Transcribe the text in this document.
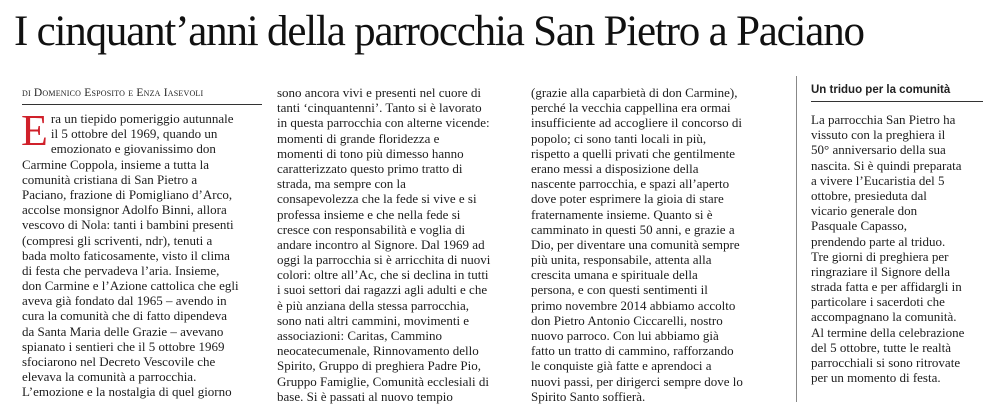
I cinquant’anni della parrocchia San Pietro a Paciano
di Domenico Esposito e Enza Iasevoli
E ra un tiepido pomeriggio autunnale
il 5 ottobre del 1969, quando un
emozionato e giovanissimo don
Carmine Coppola, insieme a tutta la
comunità cristiana di San Pietro a
Paciano, frazione di Pomigliano d’Arco,
accolse monsignor Adolfo Binni, allora
vescovo di Nola: tanti i bambini presenti
(compresi gli scriventi, ndr), tenuti a
bada molto faticosamente, visto il clima
di festa che pervadeva l’aria. Insieme,
don Carmine e l’Azione cattolica che egli
aveva già fondato dal 1965 – avendo in
cura la comunità che di fatto dipendeva
da Santa Maria delle Grazie – avevano
spianato i sentieri che il 5 ottobre 1969
sfociarono nel Decreto Vescovile che
elevava la comunità a parrocchia.
L’emozione e la nostalgia di quel giorno
sono ancora vivi e presenti nel cuore di
tanti ‘cinquantenni’. Tanto si è lavorato
in questa parrocchia con alterne vicende:
momenti di grande floridezza e
momenti di tono più dimesso hanno
caratterizzato questo primo tratto di
strada, ma sempre con la
consapevolezza che la fede si vive e si
professa insieme e che nella fede si
cresce con responsabilità e voglia di
andare incontro al Signore. Dal 1969 ad
oggi la parrocchia si è arricchita di nuovi
colori: oltre all’Ac, che si declina in tutti
i suoi settori dai ragazzi agli adulti e che
è più anziana della stessa parrocchia,
sono nati altri cammini, movimenti e
associazioni: Caritas, Cammino
neocatecumenale, Rinnovamento dello
Spirito, Gruppo di preghiera Padre Pio,
Gruppo Famiglie, Comunità ecclesiali di
base. Si è passati al nuovo tempio
(grazie alla caparbietà di don Carmine),
perché la vecchia cappellina era ormai
insufficiente ad accogliere il concorso di
popolo; ci sono tanti locali in più,
rispetto a quelli privati che gentilmente
erano messi a disposizione della
nascente parrocchia, e spazi all’aperto
dove poter esprimere la gioia di stare
fraternamente insieme. Quanto si è
camminato in questi 50 anni, e grazie a
Dio, per diventare una comunità sempre
più unita, responsabile, attenta alla
crescita umana e spirituale della
persona, e con questi sentimenti il
primo novembre 2014 abbiamo accolto
don Pietro Antonio Ciccarelli, nostro
nuovo parroco. Con lui abbiamo già
fatto un tratto di cammino, rafforzando
le conquiste già fatte e aprendoci a
nuovi passi, per dirigerci sempre dove lo
Spirito Santo soffierà.
Un triduo per la comunità
La parrocchia San Pietro ha
vissuto con la preghiera il
50° anniversario della sua
nascita. Si è quindi preparata
a vivere l’Eucaristia del 5
ottobre, presieduta dal
vicario generale don
Pasquale Capasso,
prendendo parte al triduo.
Tre giorni di preghiera per
ringraziare il Signore della
strada fatta e per affidargli in
particolare i sacerdoti che
accompagnano la comunità.
Al termine della celebrazione
del 5 ottobre, tutte le realtà
parrocchiali si sono ritrovate
per un momento di festa.
